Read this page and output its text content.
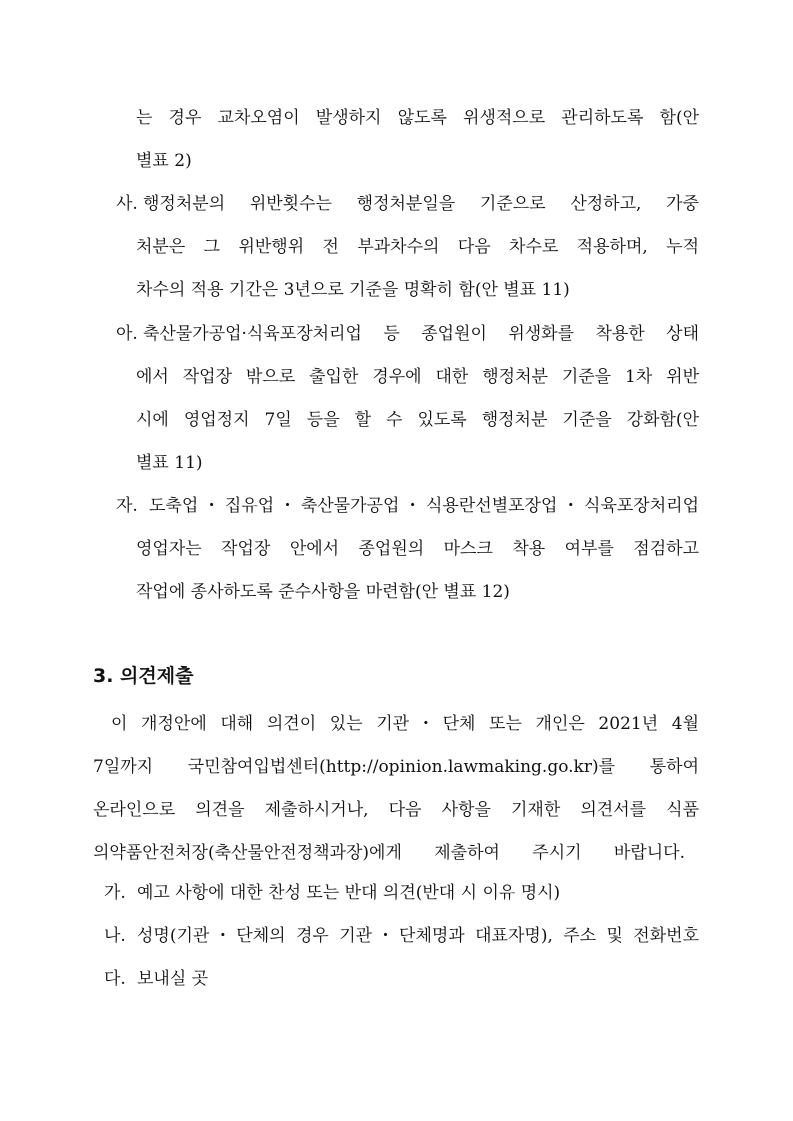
는 경우 교차오염이 발생하지 않도록 위생적으로 관리하도록 함(안
별표 2)
사. 행정처분의 위반횟수는 행정처분일을 기준으로 산정하고, 가중
처분은 그 위반행위 전 부과차수의 다음 차수로 적용하며, 누적
차수의 적용 기간은 3년으로 기준을 명확히 함(안 별표 11)
아. 축산물가공업·식육포장처리업 등 종업원이 위생화를 착용한 상태
에서 작업장 밖으로 출입한 경우에 대한 행정처분 기준을 1차 위반
시에 영업정지 7일 등을 할 수 있도록 행정처분 기준을 강화함(안
별표 11)
자. 도축업・집유업・축산물가공업・식용란선별포장업・식육포장처리업
영업자는 작업장 안에서 종업원의 마스크 착용 여부를 점검하고
작업에 종사하도록 준수사항을 마련함(안 별표 12)
3. 의견제출
이 개정안에 대해 의견이 있는 기관・단체 또는 개인은 2021년 4월
7일까지 국민참여입법센터(http://opinion.lawmaking.go.kr)를 통하여
온라인으로 의견을 제출하시거나, 다음 사항을 기재한 의견서를 식품
의약품안전처장(축산물안전정책과장)에게 제출하여 주시기 바랍니다.
가. 예고 사항에 대한 찬성 또는 반대 의견(반대 시 이유 명시)
나. 성명(기관・단체의 경우 기관・단체명과 대표자명), 주소 및 전화번호
다. 보내실 곳
